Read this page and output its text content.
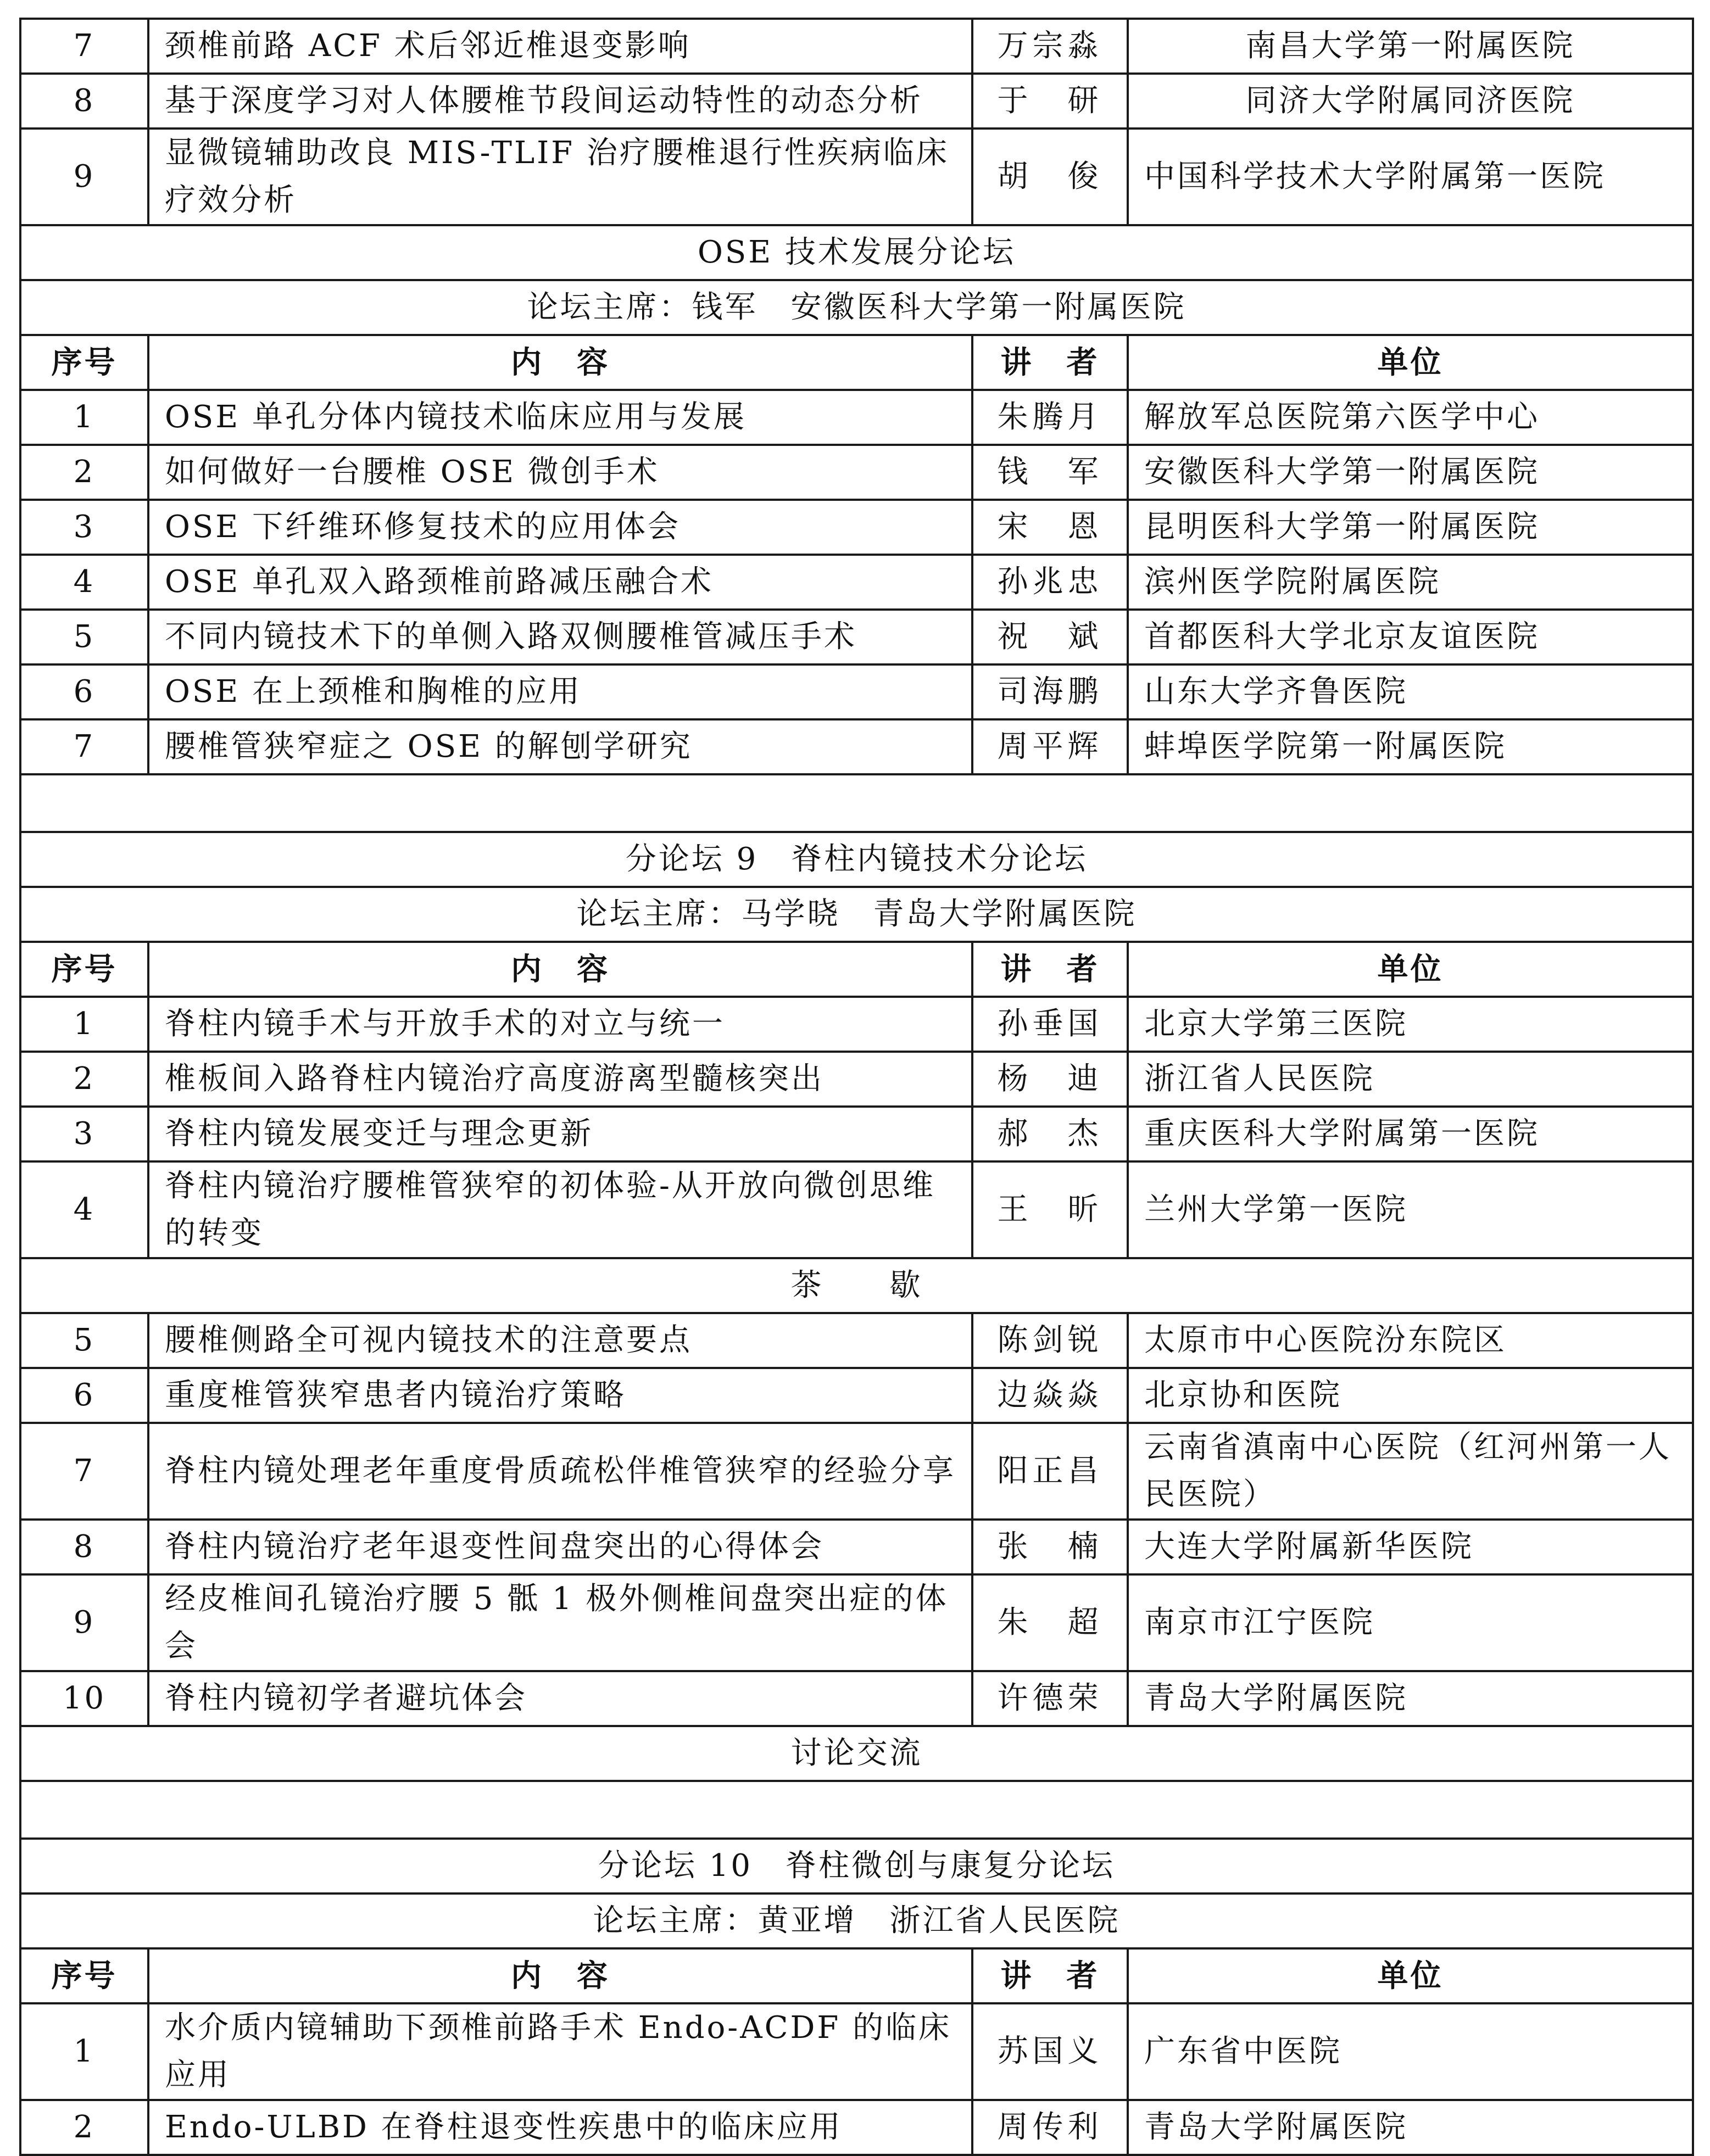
7	颈椎前路 ACF 术后邻近椎退变影响	万宗淼	南昌大学第一附属医院
8	基于深度学习对人体腰椎节段间运动特性的动态分析	于　研	同济大学附属同济医院
9	显微镜辅助改良 MIS-TLIF 治疗腰椎退行性疾病临床疗效分析	胡　俊	中国科学技术大学附属第一医院
OSE 技术发展分论坛			
论坛主席：钱军　安徽医科大学第一附属医院			
序号	内　容	讲　者	单位
1	OSE 单孔分体内镜技术临床应用与发展	朱腾月	解放军总医院第六医学中心
2	如何做好一台腰椎 OSE 微创手术	钱　军	安徽医科大学第一附属医院
3	OSE 下纤维环修复技术的应用体会	宋　恩	昆明医科大学第一附属医院
4	OSE 单孔双入路颈椎前路减压融合术	孙兆忠	滨州医学院附属医院
5	不同内镜技术下的单侧入路双侧腰椎管减压手术	祝　斌	首都医科大学北京友谊医院
6	OSE 在上颈椎和胸椎的应用	司海鹏	山东大学齐鲁医院
7	腰椎管狭窄症之 OSE 的解刨学研究	周平辉	蚌埠医学院第一附属医院

分论坛 9　脊柱内镜技术分论坛			
论坛主席：马学晓　青岛大学附属医院			
序号	内　容	讲　者	单位
1	脊柱内镜手术与开放手术的对立与统一	孙垂国	北京大学第三医院
2	椎板间入路脊柱内镜治疗高度游离型髓核突出	杨　迪	浙江省人民医院
3	脊柱内镜发展变迁与理念更新	郝　杰	重庆医科大学附属第一医院
4	脊柱内镜治疗腰椎管狭窄的初体验-从开放向微创思维的转变	王　昕	兰州大学第一医院
茶　　歇			
5	腰椎侧路全可视内镜技术的注意要点	陈剑锐	太原市中心医院汾东院区
6	重度椎管狭窄患者内镜治疗策略	边焱焱	北京协和医院
7	脊柱内镜处理老年重度骨质疏松伴椎管狭窄的经验分享	阳正昌	云南省滇南中心医院（红河州第一人民医院）
8	脊柱内镜治疗老年退变性间盘突出的心得体会	张　楠	大连大学附属新华医院
9	经皮椎间孔镜治疗腰 5 骶 1 极外侧椎间盘突出症的体会	朱　超	南京市江宁医院
10	脊柱内镜初学者避坑体会	许德荣	青岛大学附属医院
讨论交流			

分论坛 10　脊柱微创与康复分论坛			
论坛主席：黄亚增　浙江省人民医院			
序号	内　容	讲　者	单位
1	水介质内镜辅助下颈椎前路手术 Endo-ACDF 的临床应用	苏国义	广东省中医院
2	Endo-ULBD 在脊柱退变性疾患中的临床应用	周传利	青岛大学附属医院
